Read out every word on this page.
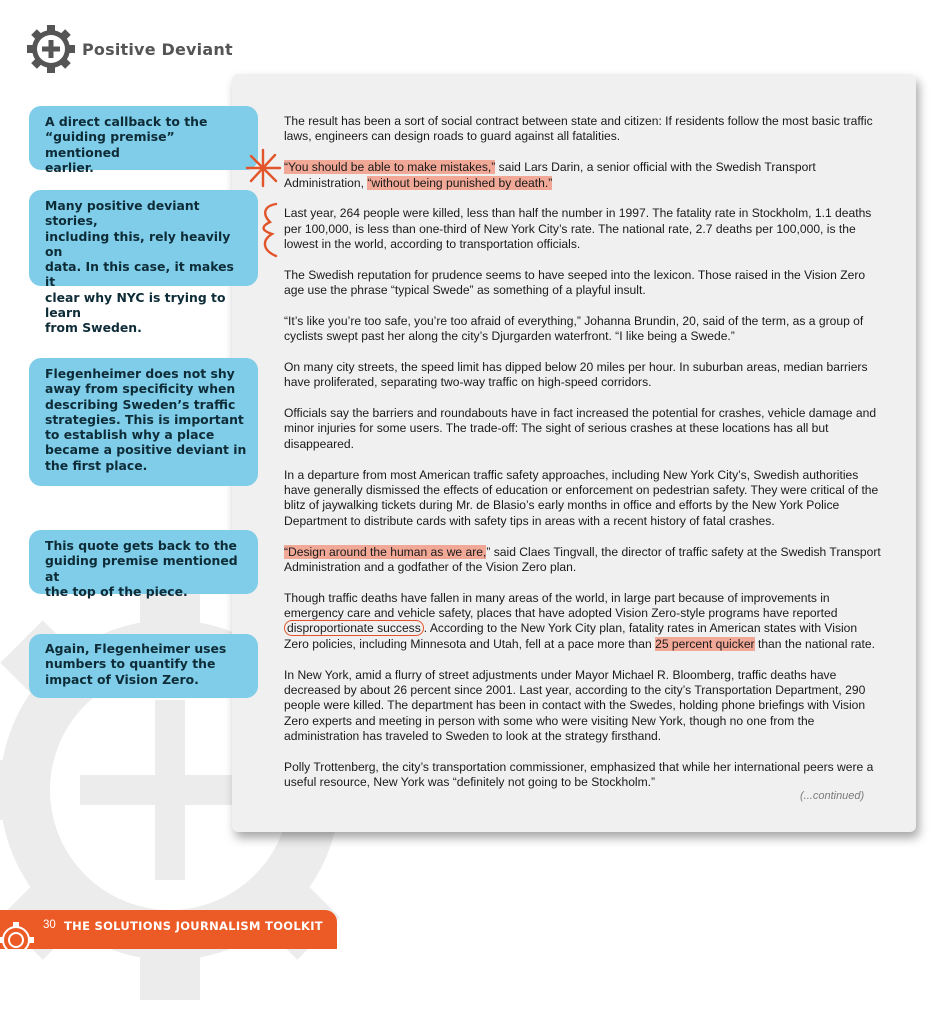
Positive Deviant
A direct callback to the
“guiding premise” mentioned
earlier.
Many positive deviant stories,
including this, rely heavily on
data. In this case, it makes it
clear why NYC is trying to learn
from Sweden.
Flegenheimer does not shy
away from specificity when
describing Sweden’s traffic
strategies. This is important
to establish why a place
became a positive deviant in
the first place.
This quote gets back to the
guiding premise mentioned at
the top of the piece.
Again, Flegenheimer uses
numbers to quantify the
impact of Vision Zero.

The result has been a sort of social contract between state and citizen: If residents follow the most basic traffic laws, engineers can design roads to guard against all fatalities.

“You should be able to make mistakes,” said Lars Darin, a senior official with the Swedish Transport Administration, “without being punished by death.”

Last year, 264 people were killed, less than half the number in 1997. The fatality rate in Stockholm, 1.1 deaths per 100,000, is less than one-third of New York City’s rate. The national rate, 2.7 deaths per 100,000, is the lowest in the world, according to transportation officials.

The Swedish reputation for prudence seems to have seeped into the lexicon. Those raised in the Vision Zero age use the phrase “typical Swede” as something of a playful insult.

“It’s like you’re too safe, you’re too afraid of everything,” Johanna Brundin, 20, said of the term, as a group of cyclists swept past her along the city’s Djurgarden waterfront. “I like being a Swede.”

On many city streets, the speed limit has dipped below 20 miles per hour. In suburban areas, median barriers have proliferated, separating two-way traffic on high-speed corridors.

Officials say the barriers and roundabouts have in fact increased the potential for crashes, vehicle damage and minor injuries for some users. The trade-off: The sight of serious crashes at these locations has all but disappeared.

In a departure from most American traffic safety approaches, including New York City’s, Swedish authorities have generally dismissed the effects of education or enforcement on pedestrian safety. They were critical of the blitz of jaywalking tickets during Mr. de Blasio’s early months in office and efforts by the New York Police Department to distribute cards with safety tips in areas with a recent history of fatal crashes.

“Design around the human as we are,” said Claes Tingvall, the director of traffic safety at the Swedish Transport Administration and a godfather of the Vision Zero plan.

Though traffic deaths have fallen in many areas of the world, in large part because of improvements in emergency care and vehicle safety, places that have adopted Vision Zero-style programs have reported disproportionate success . According to the New York City plan, fatality rates in American states with Vision Zero policies, including Minnesota and Utah, fell at a pace more than 25 percent quicker than the national rate.

In New York, amid a flurry of street adjustments under Mayor Michael R. Bloomberg, traffic deaths have decreased by about 26 percent since 2001. Last year, according to the city’s Transportation Department, 290 people were killed. The department has been in contact with the Swedes, holding phone briefings with Vision Zero experts and meeting in person with some who were visiting New York, though no one from the administration has traveled to Sweden to look at the strategy firsthand.

Polly Trottenberg, the city’s transportation commissioner, emphasized that while her international peers were a useful resource, New York was “definitely not going to be Stockholm.”

(...continued)
30 THE SOLUTIONS JOURNALISM TOOLKIT
